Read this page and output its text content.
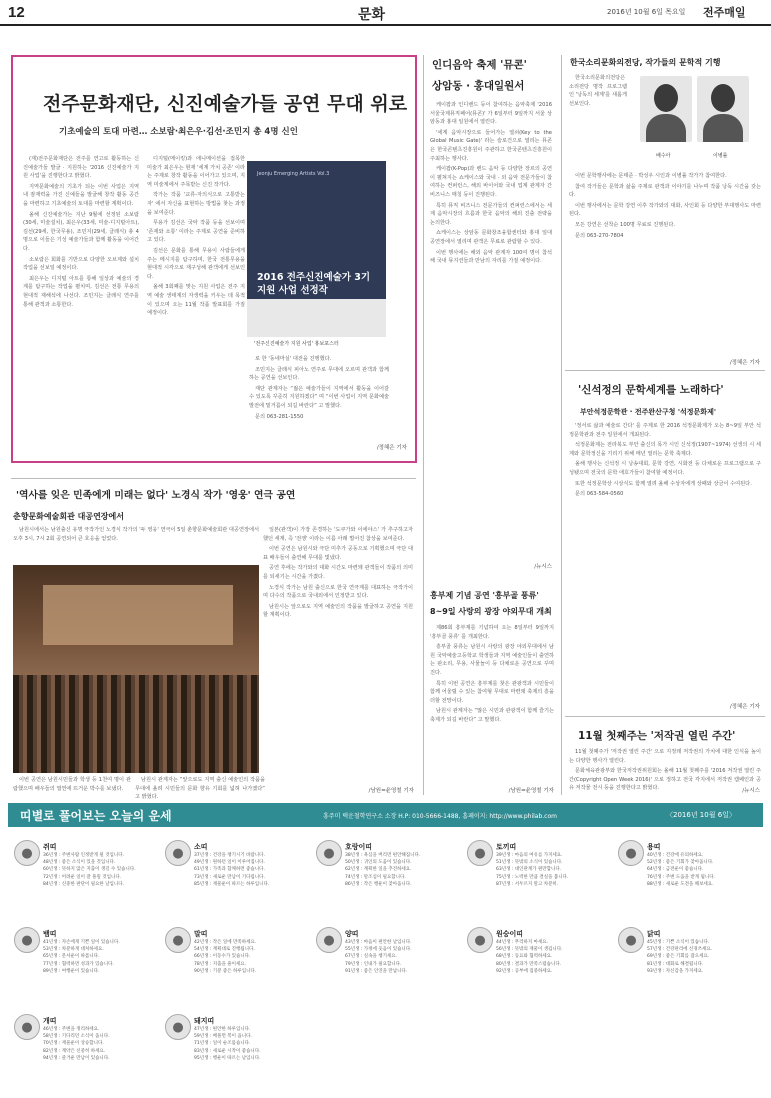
12	문화	2016년 10월 6일 목요일 전주매일
전주문화재단, 신진예술가들 공연 무대 위로
기초예술의 토대 마련… 소보람·최은우·김선·조민지 총 4명 신인

(재)전주문화재단은 전주를 연고로 활동하는 신진예술가들 발굴 · 지원하는 '2016 신진예술가 지원 사업'을 진행한다고 밝혔다.

지역문화예술의 기초가 되는 이번 사업은 지역 내 잠재력을 가진 신예들을 발굴해 창작 활동 공간을 마련하고 기초예술의 토대를 마련할 계획이다.

올해 신진예술가는 지난 9월에 선정된 소보람(30세, 미술설치), 최은우(33세, 미술-디지털아트), 김선(29세, 한국무용), 조민지(29세, 클래식) 총 4명으로 이들은 기성 예술가들과 함께 활동을 이어간다.

소보람은 회화를 기반으로 다양한 오브제와 설치 작업을 선보일 예정이다.

최은우는 디지털 아트를 통해 일상과 예술의 경계를 탐구하는 작업을 펼치며, 김선은 전통 무용의 현대적 재해석에 나선다. 조민지는 클래식 연주를 통해 관객과 소통한다.

디지털(메이킹)과 애니메이션을 접목한 미술가 최은우는 현재 '세계 가치 공존' 이라는 주제로 창작 활동을 이어가고 있으며, 지역 미술계에서 주목받는 신진 작가다.

작가는 작품 '교류-자의식으로 고통받는 자' 에서 자신을 표현하는 방법을 찾는 과정을 보여준다.

무용가 김선은 국악 작품 등을 선보이며 '존재와 소통' 이라는 주제로 공연을 준비하고 있다.

김선은 문화를 통해 무용이 사람들에게 주는 메시지를 탐구하며, 한국 전통무용을 현대적 시각으로 재구성해 관객에게 선보인다.

올해 3회째를 맞는 지원 사업은 전주 지역 예술 생태계의 자생력을 키우는 데 목적이 있으며 오는 11월 작품 발표회를 가질 예정이다.

로 한 '동네마실' 대전을 진행했다.

조민지는 클래식 피아노 연주로 무대에 오르며 관객과 함께 하는 공연을 선보인다.

재단 관계자는 “젊은 예술가들이 지역에서 활동을 이어갈 수 있도록 꾸준히 지원하겠다” 며 “이번 사업이 지역 문화예술 발전에 밑거름이 되길 바란다” 고 말했다.

문의 063-281-1550

/정혜은 기자
Jeonju Emerging Artists Vol.3
2016 전주신진예술가 3기 지원 사업 선정작
'전주신진예술가 지원 사업' 홍보포스터
인디음악 축제 '뮤콘'
상암동 · 홍대일원서

케이팝과 인디밴드 등이 참여하는 음악축제 '2016 서울국제뮤직페어(뮤콘)' 가 6일부터 9일까지 서울 상암동과 홍대 일원에서 열린다.

'세계 음악시장으로 들어가는 열쇠(Key to the Global Music Gate)' 라는 슬로건으로 열리는 뮤콘은 한국콘텐츠진흥원이 주관하고 한국콘텐츠진흥원이 주최하는 행사다.

케이팝(K-Pop)과 밴드 음악 등 다양한 장르의 공연이 펼쳐지는 쇼케이스와 국내 · 외 음악 전문가들이 참여하는 컨퍼런스, 해외 바이어와 국내 업계 관계자 간 비즈니스 매칭 등이 진행된다.

특히 뮤직 비즈니스 전문가들의 컨퍼런스에서는 세계 음악시장의 흐름과 한국 음악의 해외 진출 전략을 논의한다.

쇼케이스는 상암동 문화창조융합센터와 홍대 일대 공연장에서 열리며 관객은 무료로 관람할 수 있다.

이번 행사에는 해외 음악 관계자 100여 명이 참석해 국내 뮤지션들과 만남의 자리를 가질 예정이다.

/뉴시스
한국소리문화의전당, 작가들의 문학적 기행

한국소리문화의전당은 소리전당 명작 프로그램인 '낭독의 세계'를 새롭게 선보인다.

배수아	이병률

이번 문학행사에는 문태준 · 박성우 시인과 이병률 작가가 참여한다.

참여 작가들은 문학과 삶을 주제로 관객과 이야기를 나누며 작품 낭독 시간을 갖는다.

이번 행사에서는 문학 강연 이후 작가와의 대화, 사인회 등 다양한 부대행사도 마련된다.

모든 강연은 선착순 100명 무료로 진행된다.

문의 063-270-7804

/정혜은 기자
'신석정의 문학세계를 노래하다'
부안석정문학관 · 전주완산구청 '석정문화제'

'정서로 삶과 예술로 간다' 를 주제로 한 2016 석정문화제가 오는 8~9일 부안 석정문학관과 전주 일원에서 개최된다.

석정문화제는 전라북도 부안 출신의 목가 시인 신석정(1907~1974) 선생의 시 세계와 문학정신을 기리기 위해 매년 열리는 문학 축제다.

올해 행사는 신석정 시 낭송대회, 문학 강연, 시화전 등 다채로운 프로그램으로 구성됐으며 전국의 문학 애호가들이 참여할 예정이다.

또한 석정문학상 시상식도 함께 열려 올해 수상자에게 상패와 상금이 수여된다.

문의 063-584-0560

/정혜은 기자
11월 첫째주는 '저작권 열린 주간'

11월 첫째주가 '저작권 열린 주간' 으로 지정돼 저작권의 가치에 대한 인식을 높이는 다양한 행사가 열린다.

문화체육관광부와 한국저작권위원회는 올해 11월 첫째주를 '2016 저작권 열린 주간(Copyright Open Week 2016)' 으로 정하고 전국 각지에서 저작권 캠페인과 공유 저작물 전시 등을 진행한다고 밝혔다.	/뉴시스
'역사를 잊은 민족에게 미래는 없다' 노경식 작가 '영웅' 연극 공연
춘향문화예술회관 대공연장에서

남원시에서는 남원출신 유명 극작가인 노경식 작가의 '두 영웅' 연극이 5일 춘향문화예술회관 대공연장에서 오후 3시, 7시 2회 공연되어 큰 호응을 얻었다.

이번 공연은 남원시민들과 학생 등 1천여 명이 관람했으며 배우들의 열연에 뜨거운 박수를 보냈다.

남원시 관계자는 “앞으로도 지역 출신 예술인의 작품을 무대에 올려 시민들의 문화 향유 기회를 넓혀 나가겠다” 고 밝혔다.

일본(관객)이 가장 존경하는 '도쿠가와 이에야스' 가 추구하고자 했던 세계, 즉 '전쟁' 이라는 이름 아래 벌어진 참상을 보여준다.

이번 공연은 남원시와 극단 미추가 공동으로 기획했으며 극단 대표 배우들이 출연해 무대를 빛냈다.

공연 후에는 작가와의 대화 시간도 마련돼 관객들이 작품의 의미를 되새기는 시간을 가졌다.

노경식 작가는 남원 출신으로 한국 연극계를 대표하는 극작가이며 다수의 작품으로 국내외에서 인정받고 있다.

남원시는 앞으로도 지역 예술인의 작품을 발굴하고 공연을 지원할 계획이다.

/남원=윤영철 기자
흥부제 기념 공연 '흥부골 풍류'
8~9일 사랑의 광장 야외무대 개최

제86회 흥부제를 기념하여 오는 8일부터 9일까지 '흥부골 풍류' 를 개최한다.

흥부골 풍류는 남원시 사랑의 광장 야외무대에서 남원 국악예술고등학교 학생들과 지역 예술인들이 출연하는 판소리, 무용, 사물놀이 등 다채로운 공연으로 꾸며진다.

특히 이번 공연은 흥부제를 찾은 관광객과 시민들이 함께 어울릴 수 있는 참여형 무대로 마련돼 축제의 흥을 더할 전망이다.

남원시 관계자는 “많은 시민과 관광객이 함께 즐기는 축제가 되길 바란다” 고 말했다.

/남원=윤영철 기자
띠별로 풀어보는 오늘의 운세	흥주미 택운철학연구소 소장 H.P: 010-5666-1488, 홈페이지: http://www.philab.com	〈2016년 10월 6일〉
●	쥐띠
36년생 : 주변사람 인정받게 될 것입니다.
48년생 : 좋은 소식이 있을 것입니다.
60년생 : 뜻하지 않은 지출이 생길 수 있습니다.
72년생 : 어려운 일이 잘 풀릴 것입니다.
84년생 : 신중한 판단이 필요한 날입니다.
●	소띠
37년생 : 건강을 챙기시기 바랍니다.
49년생 : 원하던 일이 이루어집니다.
61년생 : 가족과 함께하면 좋습니다.
73년생 : 새로운 만남이 기다립니다.
85년생 : 재물운이 따르는 하루입니다.
●	호랑이띠
38년생 : 욕심을 버리면 편안해집니다.
50년생 : 귀인의 도움이 있습니다.
62년생 : 계획한 일을 추진하세요.
74년생 : 말조심이 필요합니다.
86년생 : 작은 행운이 찾아옵니다.
●	토끼띠
39년생 : 마음의 여유를 가지세요.
51년생 : 뜻밖의 소식이 있습니다.
63년생 : 대인관계가 원만합니다.
75년생 : 노력한 만큼 결실을 봅니다.
87년생 : 서두르지 말고 차분히.
●	용띠
40년생 : 건강에 유의하세요.
52년생 : 좋은 기회가 찾아옵니다.
64년생 : 금전운이 좋습니다.
76년생 : 주변 도움을 받게 됩니다.
88년생 : 새로운 도전을 해보세요.
●	뱀띠
41년생 : 자손에게 기쁜 일이 있습니다.
53년생 : 차분하게 대처하세요.
65년생 : 문서운이 따릅니다.
77년생 : 협력하면 성과가 있습니다.
89년생 : 여행운이 있습니다.
●	말띠
42년생 : 작은 일에 만족하세요.
54년생 : 계획대로 진행됩니다.
66년생 : 이동수가 있습니다.
78년생 : 지출을 줄이세요.
90년생 : 기분 좋은 하루입니다.
●	양띠
43년생 : 마음이 편안한 날입니다.
55년생 : 가정에 웃음이 있습니다.
67년생 : 실속을 챙기세요.
79년생 : 인내가 필요합니다.
91년생 : 좋은 인연을 만납니다.
●	원숭이띠
44년생 : 무리하지 마세요.
56년생 : 뜻밖의 재물이 생깁니다.
68년생 : 동료와 협력하세요.
80년생 : 결과가 만족스럽습니다.
92년생 : 공부에 집중하세요.
●	닭띠
45년생 : 기쁜 소식이 있습니다.
57년생 : 건강관리에 신경쓰세요.
69년생 : 좋은 기회를 잡으세요.
81년생 : 대화로 해결됩니다.
93년생 : 자신감을 가지세요.
●	개띠
46년생 : 주변을 정리하세요.
58년생 : 기다리던 소식이 옵니다.
70년생 : 재물운이 상승합니다.
82년생 : 계약은 신중히 하세요.
94년생 : 즐거운 만남이 있습니다.
●	돼지띠
47년생 : 편안한 하루입니다.
59년생 : 베풀면 복이 옵니다.
71년생 : 일이 순조롭습니다.
83년생 : 새로운 시작이 좋습니다.
95년생 : 행운이 따르는 날입니다.
